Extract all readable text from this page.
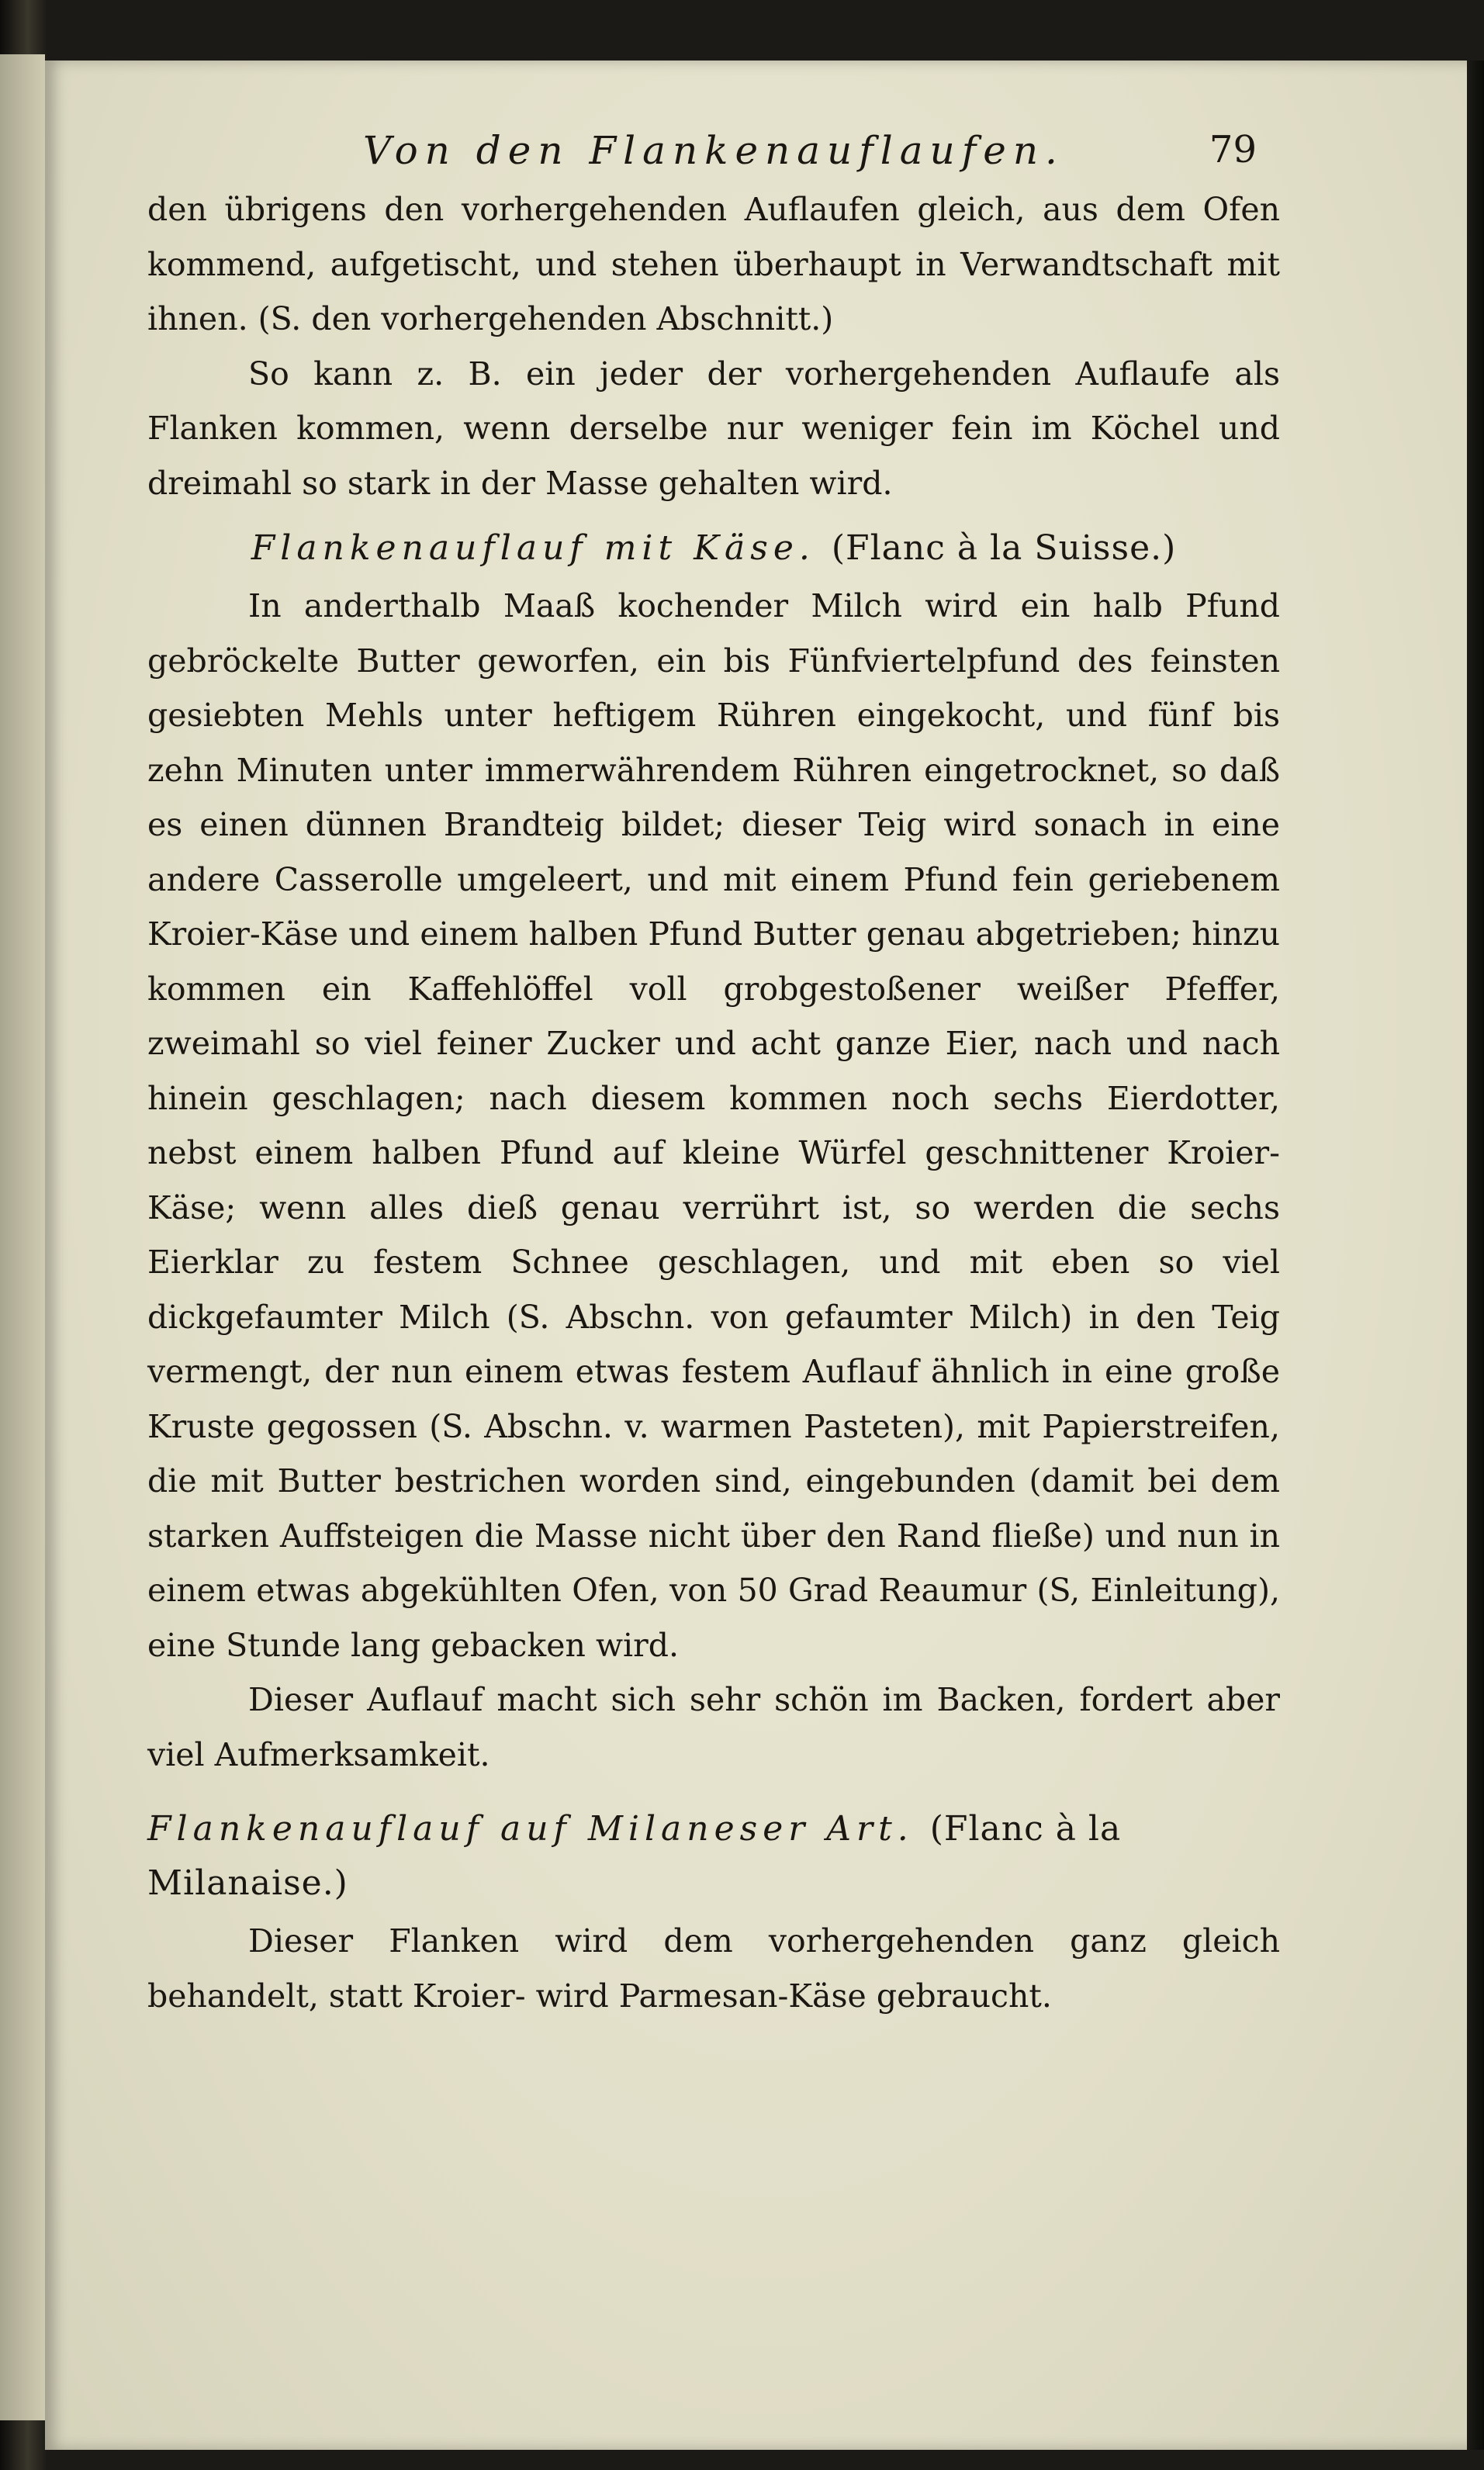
Von den Flankenauflaufen.	79

den übrigens den vorhergehenden Auflaufen gleich, aus dem Ofen kommend, aufgetischt, und stehen überhaupt in Verwandtschaft mit ihnen. (S. den vorhergehenden Abschnitt.)

So kann z. B. ein jeder der vorhergehenden Auflaufe als Flanken kommen, wenn derselbe nur weniger fein im Köchel und dreimahl so stark in der Masse gehalten wird.

Flankenauflauf mit Käse. (Flanc à la Suisse.)

In anderthalb Maaß kochender Milch wird ein halb Pfund gebröckelte Butter geworfen, ein bis Fünfviertelpfund des feinsten gesiebten Mehls unter heftigem Rühren eingekocht, und fünf bis zehn Minuten unter immerwährendem Rühren eingetrocknet, so daß es einen dünnen Brandteig bildet; dieser Teig wird sonach in eine andere Casserolle umgeleert, und mit einem Pfund fein geriebenem Kroier-Käse und einem halben Pfund Butter genau abgetrieben; hinzu kommen ein Kaffehlöffel voll grobgestoßener weißer Pfeffer, zweimahl so viel feiner Zucker und acht ganze Eier, nach und nach hinein geschlagen; nach diesem kommen noch sechs Eierdotter, nebst einem halben Pfund auf kleine Würfel geschnittener Kroier-Käse; wenn alles dieß genau verrührt ist, so werden die sechs Eierklar zu festem Schnee geschlagen, und mit eben so viel dickgefaumter Milch (S. Abschn. von gefaumter Milch) in den Teig vermengt, der nun einem etwas festem Auflauf ähnlich in eine große Kruste gegossen (S. Abschn. v. warmen Pasteten), mit Papierstreifen, die mit Butter bestrichen worden sind, eingebunden (damit bei dem starken Auffsteigen die Masse nicht über den Rand fließe) und nun in einem etwas abgekühlten Ofen, von 50 Grad Reaumur (S, Einleitung), eine Stunde lang gebacken wird.

Dieser Auflauf macht sich sehr schön im Backen, fordert aber viel Aufmerksamkeit.

Flankenauflauf auf Milaneser Art. (Flanc à la Milanaise.)

Dieser Flanken wird dem vorhergehenden ganz gleich behandelt, statt Kroier- wird Parmesan-Käse gebraucht.
